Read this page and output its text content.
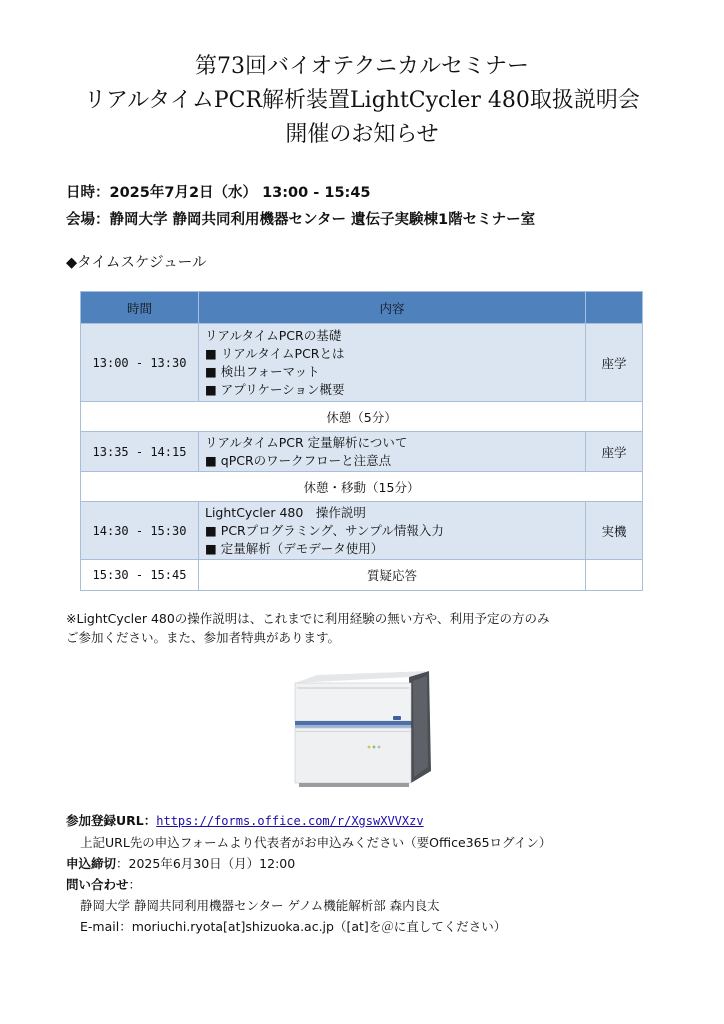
第73回バイオテクニカルセミナー
リアルタイムPCR解析装置LightCycler 480取扱説明会
開催のお知らせ
日時：2025年7月2日（水） 13:00 - 15:45
会場：静岡大学 静岡共同利用機器センター 遺伝子実験棟1階セミナー室
◆タイムスケジュール
時間	内容	
13:00 - 13:30	リアルタイムPCRの基礎
■ リアルタイムPCRとは
■ 検出フォーマット
■ アプリケーション概要	座学
休憩（5分）		
13:35 - 14:15	リアルタイムPCR 定量解析について
■ qPCRのワークフローと注意点	座学
休憩・移動（15分）		
14:30 - 15:30	LightCycler 480　操作説明
■ PCRプログラミング、サンプル情報入力
■ 定量解析（デモデータ使用）	実機
15:30 - 15:45	質疑応答	
※LightCycler 480の操作説明は、これまでに利用経験の無い方や、利用予定の方のみ
ご参加ください。また、参加者特典があります。
参加登録URL：https://forms.office.com/r/XgswXVVXzv
上記URL先の申込フォームより代表者がお申込みください（要Office365ログイン）
申込締切：2025年6月30日（月）12:00
問い合わせ：
静岡大学 静岡共同利用機器センター ゲノム機能解析部 森内良太
E-mail：moriuchi.ryota[at]shizuoka.ac.jp（[at]を＠に直してください）
